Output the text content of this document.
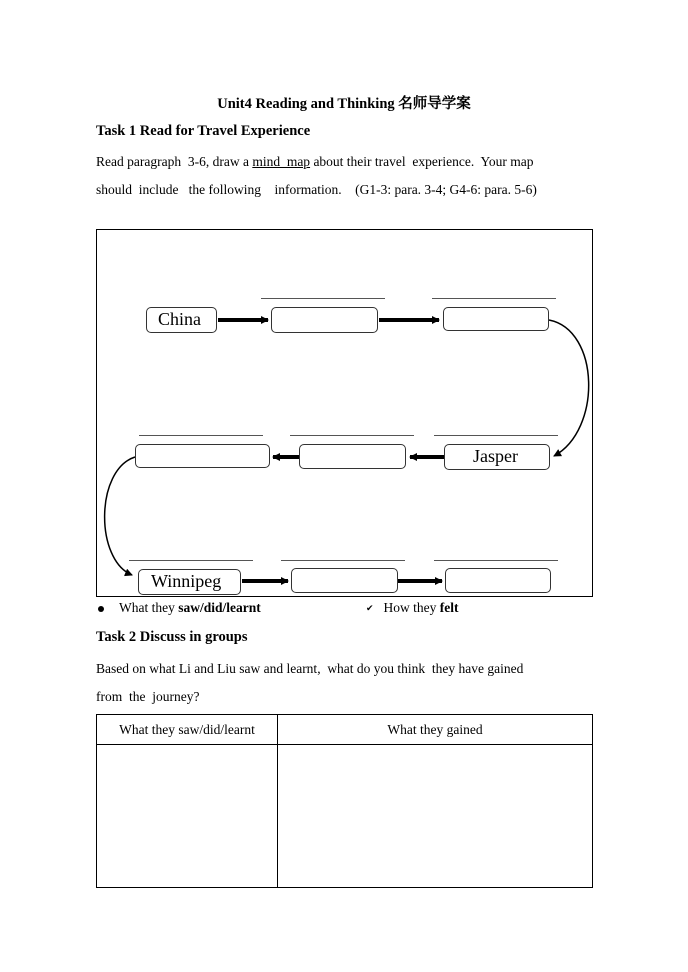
Unit4 Reading and Thinking 名师导学案
Task 1 Read for Travel Experience
Read paragraph  3-6, draw a mind  map about their travel  experience.  Your map
should  include   the following    information.    (G1-3: para. 3-4; G4-6: para. 5-6)
China
Jasper
Winnipeg
What they saw/did/learnt	✔ How they felt
Task 2 Discuss in groups
Based on what Li and Liu saw and learnt,  what do you think  they have gained
from  the  journey?
What they saw/did/learnt	What they gained
